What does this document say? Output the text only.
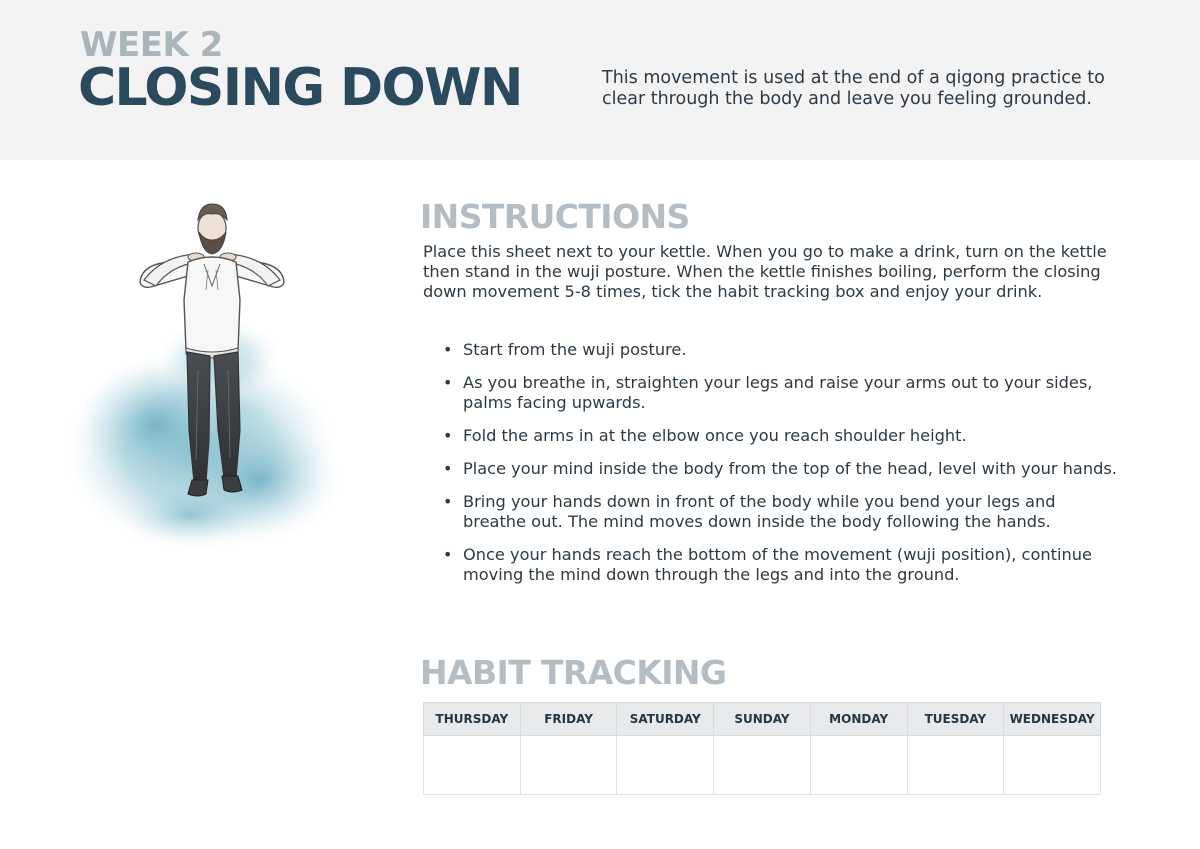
WEEK 2
CLOSING DOWN	This movement is used at the end of a qigong practice to clear through the body and leave you feeling grounded.
INSTRUCTIONS
Place this sheet next to your kettle. When you go to make a drink, turn on the kettle then stand in the wuji posture. When the kettle finishes boiling, perform the closing down movement 5-8 times, tick the habit tracking box and enjoy your drink.
• Start from the wuji posture.
• As you breathe in, straighten your legs and raise your arms out to your sides, palms facing upwards.
• Fold the arms in at the elbow once you reach shoulder height.
• Place your mind inside the body from the top of the head, level with your hands.
• Bring your hands down in front of the body while you bend your legs and breathe out. The mind moves down inside the body following the hands.
• Once your hands reach the bottom of the movement (wuji position), continue moving the mind down through the legs and into the ground.
HABIT TRACKING
THURSDAY	FRIDAY	SATURDAY	SUNDAY	MONDAY	TUESDAY	WEDNESDAY
